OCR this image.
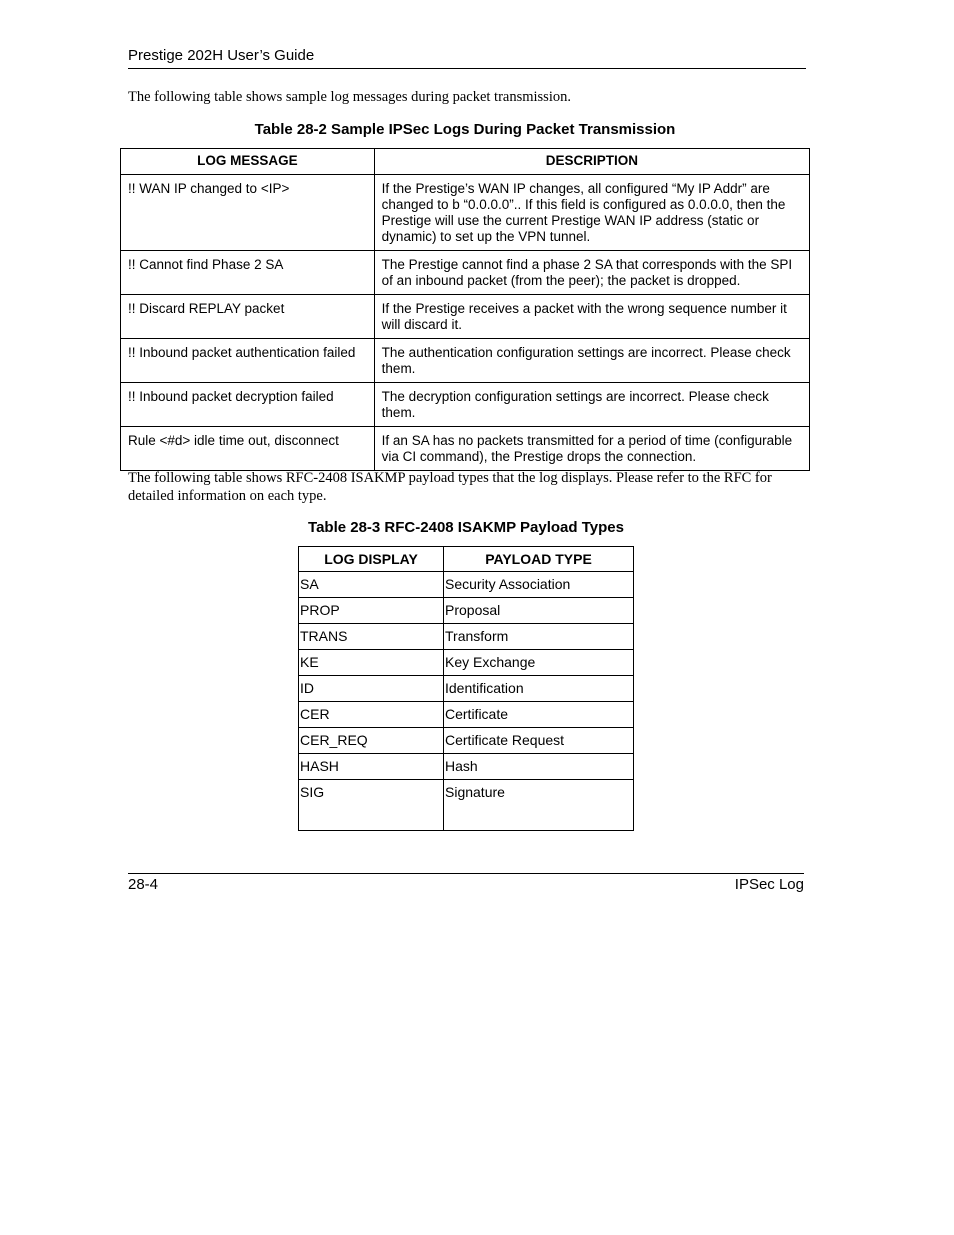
Prestige 202H User’s Guide

The following table shows sample log messages during packet transmission.

Table 28-2 Sample IPSec Logs During Packet Transmission

LOG MESSAGE	DESCRIPTION
!! WAN IP changed to <IP>	If the Prestige’s WAN IP changes, all configured “My IP Addr” are changed to b “0.0.0.0”.. If this field is configured as 0.0.0.0, then the Prestige will use the current Prestige WAN IP address (static or dynamic) to set up the VPN tunnel.
!! Cannot find Phase 2 SA	The Prestige cannot find a phase 2 SA that corresponds with the SPI of an inbound packet (from the peer); the packet is dropped.
!! Discard REPLAY packet	If the Prestige receives a packet with the wrong sequence number it will discard it.
!! Inbound packet authentication failed	The authentication configuration settings are incorrect. Please check them.
!! Inbound packet decryption failed	The decryption configuration settings are incorrect. Please check them.
Rule <#d> idle time out, disconnect	If an SA has no packets transmitted for a period of time (configurable via CI command), the Prestige drops the connection.

The following table shows RFC-2408 ISAKMP payload types that the log displays. Please refer to the RFC for detailed information on each type.

Table 28-3 RFC-2408 ISAKMP Payload Types

LOG DISPLAY	PAYLOAD TYPE
SA	Security Association
PROP	Proposal
TRANS	Transform
KE	Key Exchange
ID	Identification
CER	Certificate
CER_REQ	Certificate Request
HASH	Hash
SIG	Signature
28-4	IPSec Log
